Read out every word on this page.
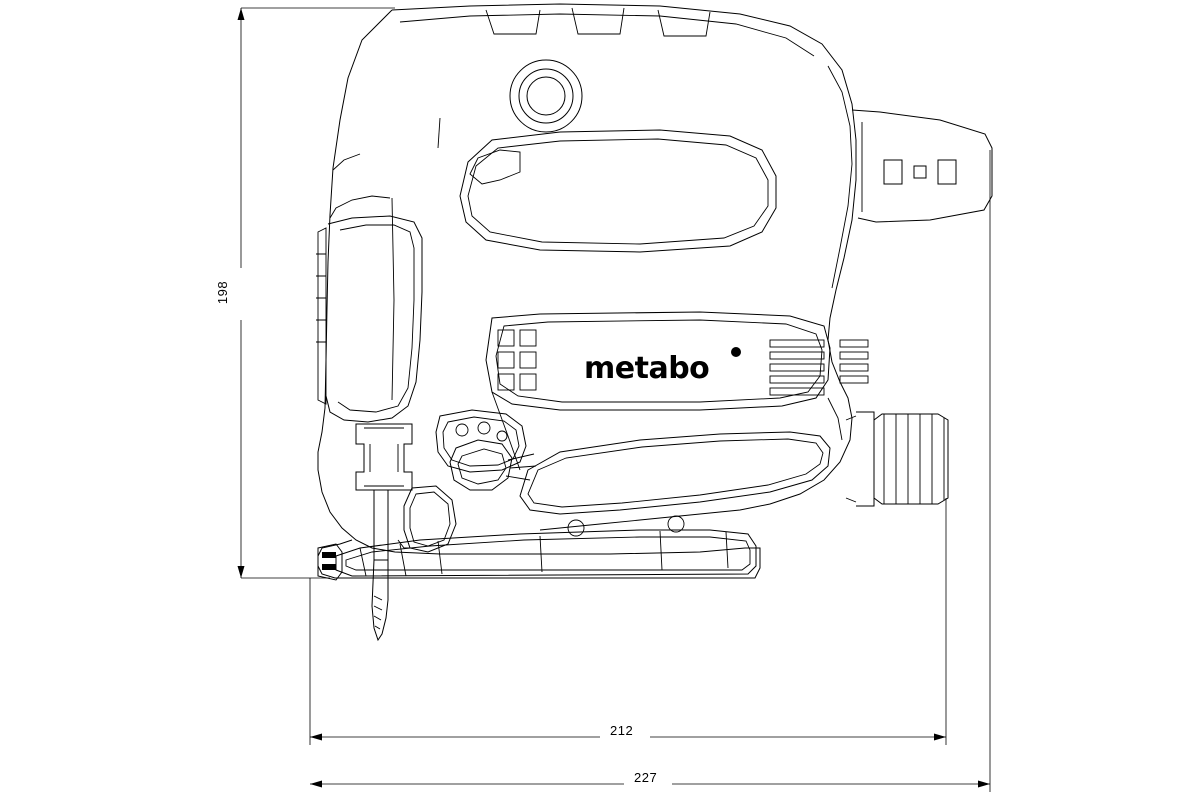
metabo
198
212
227
